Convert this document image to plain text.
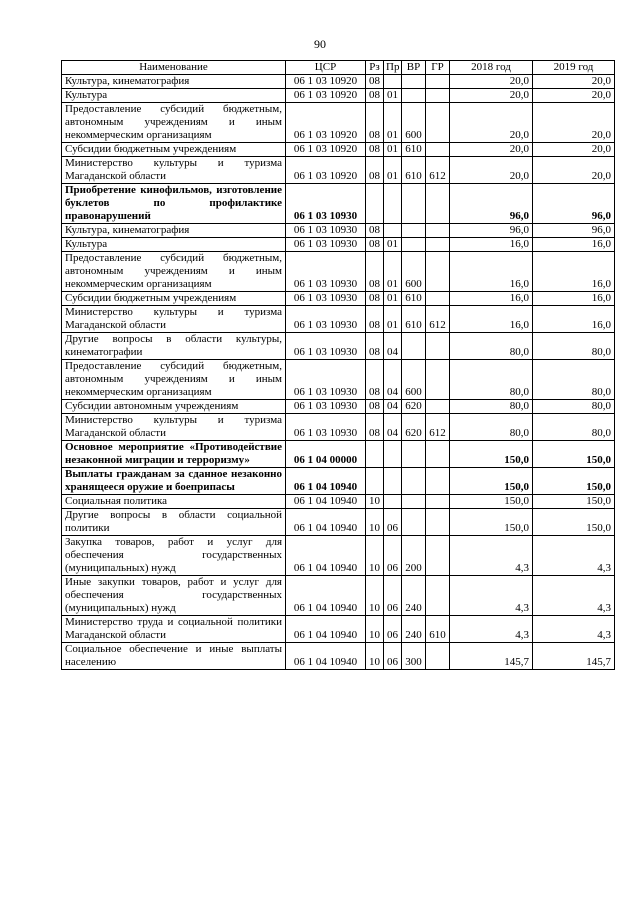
90
Наименование	ЦСР	Рз	Пр	ВР	ГР	2018 год	2019 год
Культура, кинематография	06 1 03 10920	08				20,0	20,0
Культура	06 1 03 10920	08	01			20,0	20,0
Предоставление субсидий бюджетным, автономным учреждениям и иным некоммерческим организациям	06 1 03 10920	08	01	600		20,0	20,0
Субсидии бюджетным учреждениям	06 1 03 10920	08	01	610		20,0	20,0
Министерство культуры и туризма Магаданской области	06 1 03 10920	08	01	610	612	20,0	20,0
Приобретение кинофильмов, изготовление буклетов по профилактике правонарушений	06 1 03 10930					96,0	96,0
Культура, кинематография	06 1 03 10930	08				96,0	96,0
Культура	06 1 03 10930	08	01			16,0	16,0
Предоставление субсидий бюджетным, автономным учреждениям и иным некоммерческим организациям	06 1 03 10930	08	01	600		16,0	16,0
Субсидии бюджетным учреждениям	06 1 03 10930	08	01	610		16,0	16,0
Министерство культуры и туризма Магаданской области	06 1 03 10930	08	01	610	612	16,0	16,0
Другие вопросы в области культуры, кинематографии	06 1 03 10930	08	04			80,0	80,0
Предоставление субсидий бюджетным, автономным учреждениям и иным некоммерческим организациям	06 1 03 10930	08	04	600		80,0	80,0
Субсидии автономным учреждениям	06 1 03 10930	08	04	620		80,0	80,0
Министерство культуры и туризма Магаданской области	06 1 03 10930	08	04	620	612	80,0	80,0
Основное мероприятие «Противодействие незаконной миграции и терроризму»	06 1 04 00000					150,0	150,0
Выплаты гражданам за сданное незаконно хранящееся оружие и боеприпасы	06 1 04 10940					150,0	150,0
Социальная политика	06 1 04 10940	10				150,0	150,0
Другие вопросы в области социальной политики	06 1 04 10940	10	06			150,0	150,0
Закупка товаров, работ и услуг для обеспечения государственных (муниципальных) нужд	06 1 04 10940	10	06	200		4,3	4,3
Иные закупки товаров, работ и услуг для обеспечения государственных (муниципальных) нужд	06 1 04 10940	10	06	240		4,3	4,3
Министерство труда и социальной политики Магаданской области	06 1 04 10940	10	06	240	610	4,3	4,3
Социальное обеспечение и иные выплаты населению	06 1 04 10940	10	06	300		145,7	145,7
